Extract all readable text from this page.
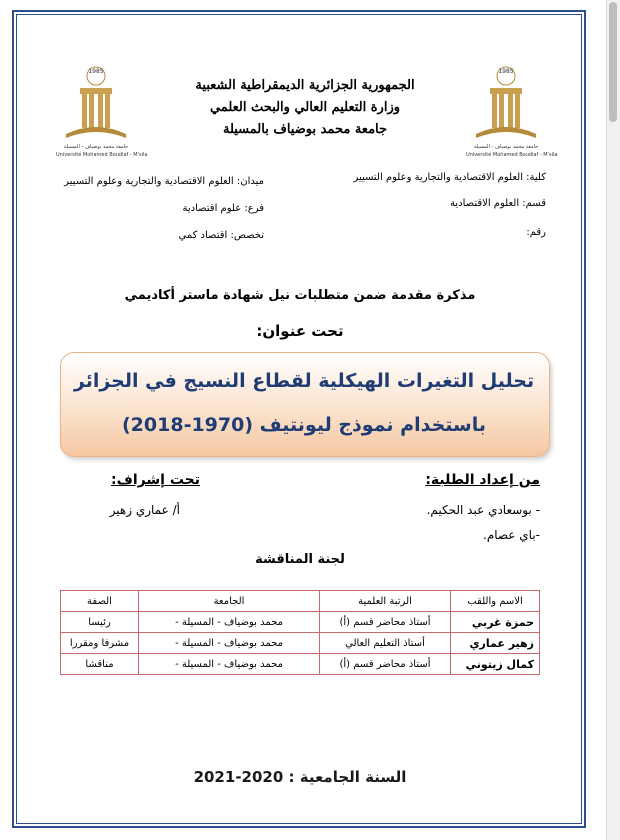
1985
جامعة محمد بوضياف - المسيلة
Université Mohamed Boudiaf - M'sila
1985
جامعة محمد بوضياف - المسيلة
Université Mohamed Boudiaf - M'sila
الجمهورية الجزائرية الديمقراطية الشعبية
وزارة التعليم العالي والبحث العلمي
جامعة محمد بوضياف بالمسيلة
كلية: العلوم الاقتصادية والتجارية وعلوم التسيير
قسم: العلوم الاقتصادية
رقم:
ميدان: العلوم الاقتصادية والتجارية وعلوم التسيير
فرع: علوم اقتصادية
تخصص: اقتصاد كمي
مذكرة مقدمة ضمن متطلبات نيل شهادة ماستر أكاديمي
تحت عنوان:
تحليل التغيرات الهيكلية لقطاع النسيج في الجزائر
باستخدام نموذج ليونتيف (1970-2018)
من إعداد الطلبة:
- بوسعادي عبد الحكيم.
-باي عصام.
تحت إشراف:
أ/ عماري زهير
لجنة المناقشة
الاسم واللقب	الرتبة العلمية	الجامعة	الصفة
حمزة غربي	أستاذ محاضر قسم (أ)	محمد بوضياف - المسيلة -	رئيسا
زهير عماري	أستاذ التعليم العالي	محمد بوضياف - المسيلة -	مشرفا ومقررا
كمال زيتوني	أستاذ محاضر قسم (أ)	محمد بوضياف - المسيلة -	مناقشا
السنة الجامعية : 2020-2021
